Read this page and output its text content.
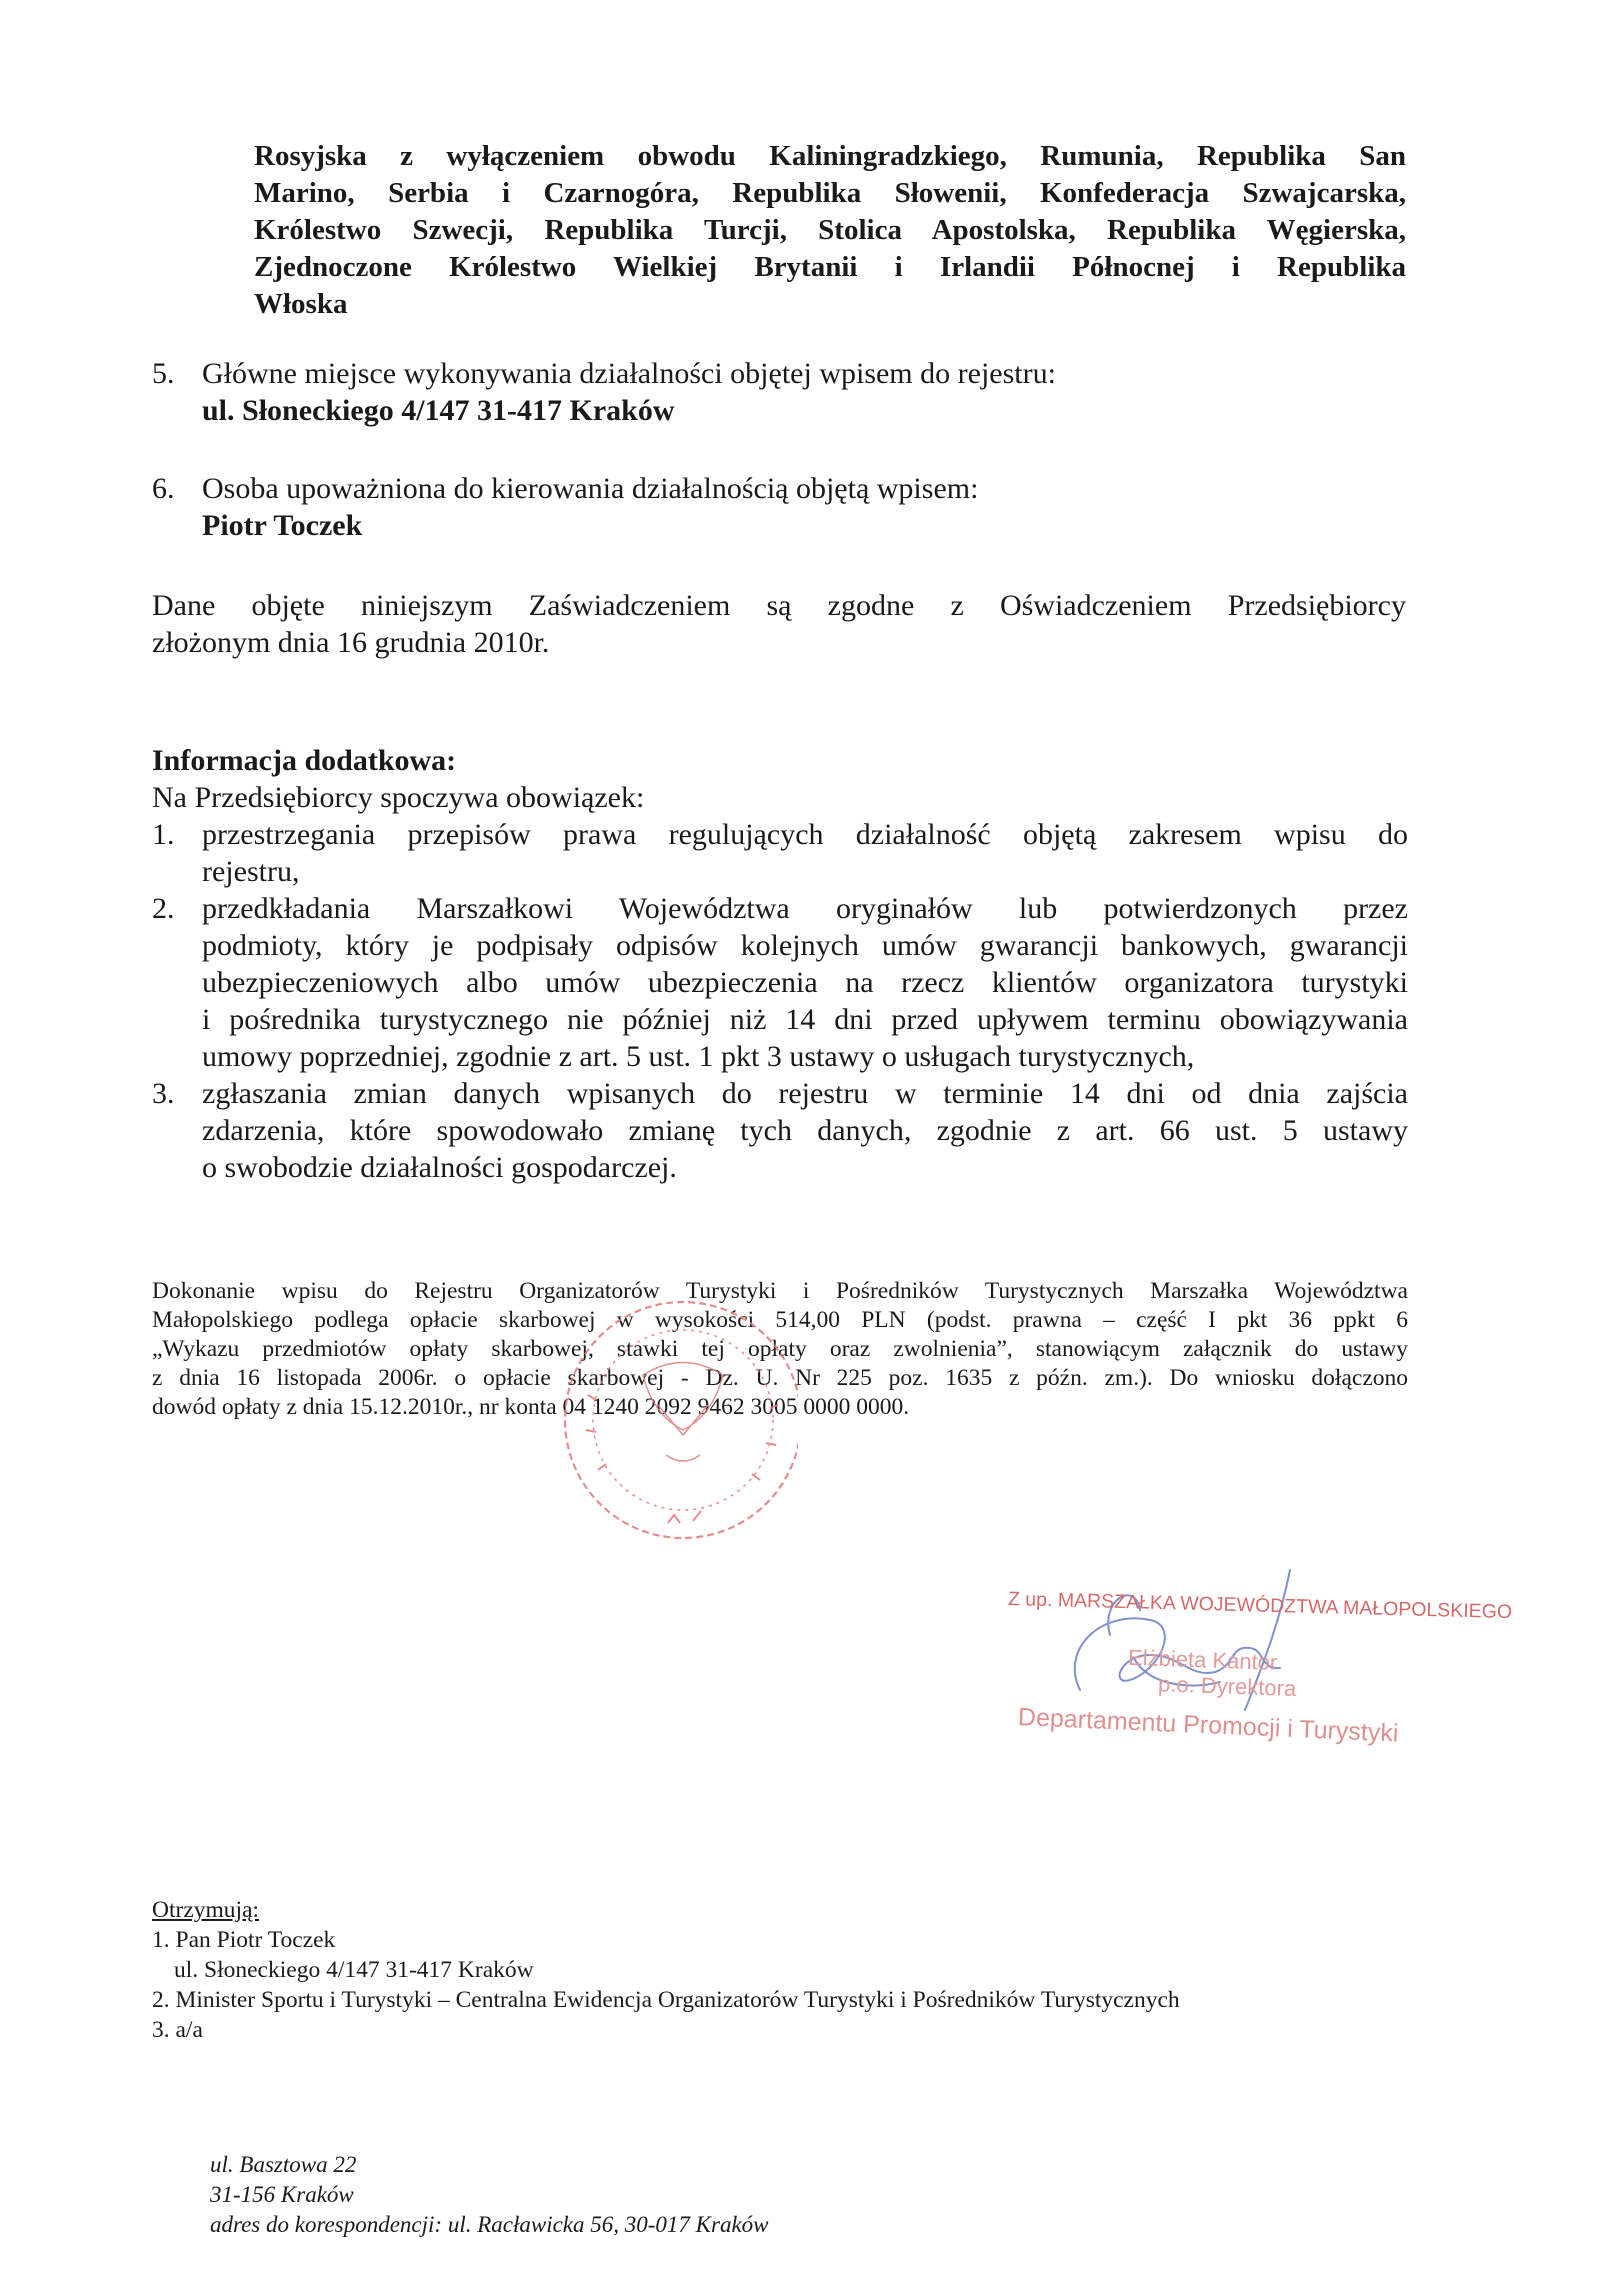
Rosyjska z wyłączeniem obwodu Kaliningradzkiego, Rumunia, Republika San
Marino, Serbia i Czarnogóra, Republika Słowenii, Konfederacja Szwajcarska,
Królestwo Szwecji, Republika Turcji, Stolica Apostolska, Republika Węgierska,
Zjednoczone Królestwo Wielkiej Brytanii i Irlandii Północnej i Republika
Włoska
5. Główne miejsce wykonywania działalności objętej wpisem do rejestru:
ul. Słoneckiego 4/147 31-417 Kraków
6. Osoba upoważniona do kierowania działalnością objętą wpisem:
Piotr Toczek
Dane objęte niniejszym Zaświadczeniem są zgodne z Oświadczeniem Przedsiębiorcy
złożonym dnia 16 grudnia 2010r.
Informacja dodatkowa:
Na Przedsiębiorcy spoczywa obowiązek:
1. przestrzegania przepisów prawa regulujących działalność objętą zakresem wpisu do
rejestru,
2. przedkładania Marszałkowi Województwa oryginałów lub potwierdzonych przez
podmioty, który je podpisały odpisów kolejnych umów gwarancji bankowych, gwarancji
ubezpieczeniowych albo umów ubezpieczenia na rzecz klientów organizatora turystyki
i pośrednika turystycznego nie później niż 14 dni przed upływem terminu obowiązywania
umowy poprzedniej, zgodnie z art. 5 ust. 1 pkt 3 ustawy o usługach turystycznych,
3. zgłaszania zmian danych wpisanych do rejestru w terminie 14 dni od dnia zajścia
zdarzenia, które spowodowało zmianę tych danych, zgodnie z art. 66 ust. 5 ustawy
o swobodzie działalności gospodarczej.
Dokonanie wpisu do Rejestru Organizatorów Turystyki i Pośredników Turystycznych Marszałka Województwa
Małopolskiego podlega opłacie skarbowej w wysokości 514,00 PLN (podst. prawna – część I pkt 36 ppkt 6
„Wykazu przedmiotów opłaty skarbowej, stawki tej opłaty oraz zwolnienia”, stanowiącym załącznik do ustawy
z dnia 16 listopada 2006r. o opłacie skarbowej - Dz. U. Nr 225 poz. 1635 z późn. zm.). Do wniosku dołączono
dowód opłaty z dnia 15.12.2010r., nr konta 04 1240 2092 9462 3005 0000 0000.
Z up. MARSZAŁKA WOJEWÓDZTWA MAŁOPOLSKIEGO
Elżbieta Kantor
p.o. Dyrektora
Departamentu Promocji i Turystyki
Otrzymują:
1. Pan Piotr Toczek
ul. Słoneckiego 4/147 31-417 Kraków
2. Minister Sportu i Turystyki – Centralna Ewidencja Organizatorów Turystyki i Pośredników Turystycznych
3. a/a
ul. Basztowa 22
31-156 Kraków
adres do korespondencji: ul. Racławicka 56, 30-017 Kraków
